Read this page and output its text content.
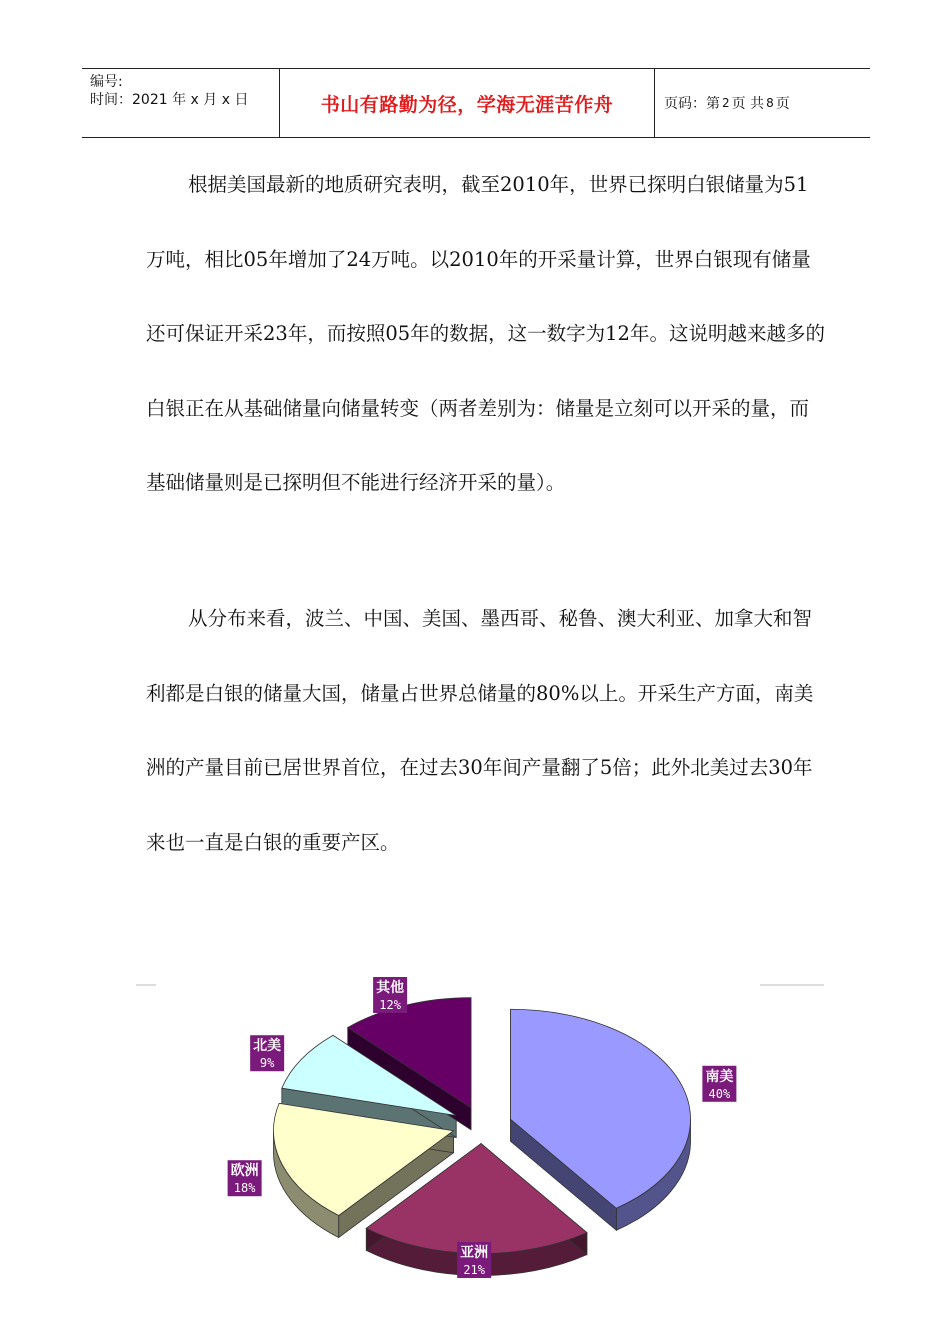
编号:
时间：2021 年 x 月 x 日	书山有路勤为径，学海无涯苦作舟	页码：第 2 页 共 8 页

根据美国最新的地质研究表明，截至2010年，世界已探明白银储量为51万吨，相比05年增加了24万吨。以2010年的开采量计算，世界白银现有储量还可保证开采23年，而按照05年的数据，这一数字为12年。这说明越来越多的白银正在从基础储量向储量转变（两者差别为：储量是立刻可以开采的量，而基础储量则是已探明但不能进行经济开采的量）。

从分布来看，波兰、中国、美国、墨西哥、秘鲁、澳大利亚、加拿大和智利都是白银的储量大国，储量占世界总储量的80%以上。开采生产方面，南美洲的产量目前已居世界首位，在过去30年间产量翻了5倍；此外北美过去30年来也一直是白银的重要产区。

南美
40%
亚洲
21%
欧洲
18%
北美
9%
其他
12%
